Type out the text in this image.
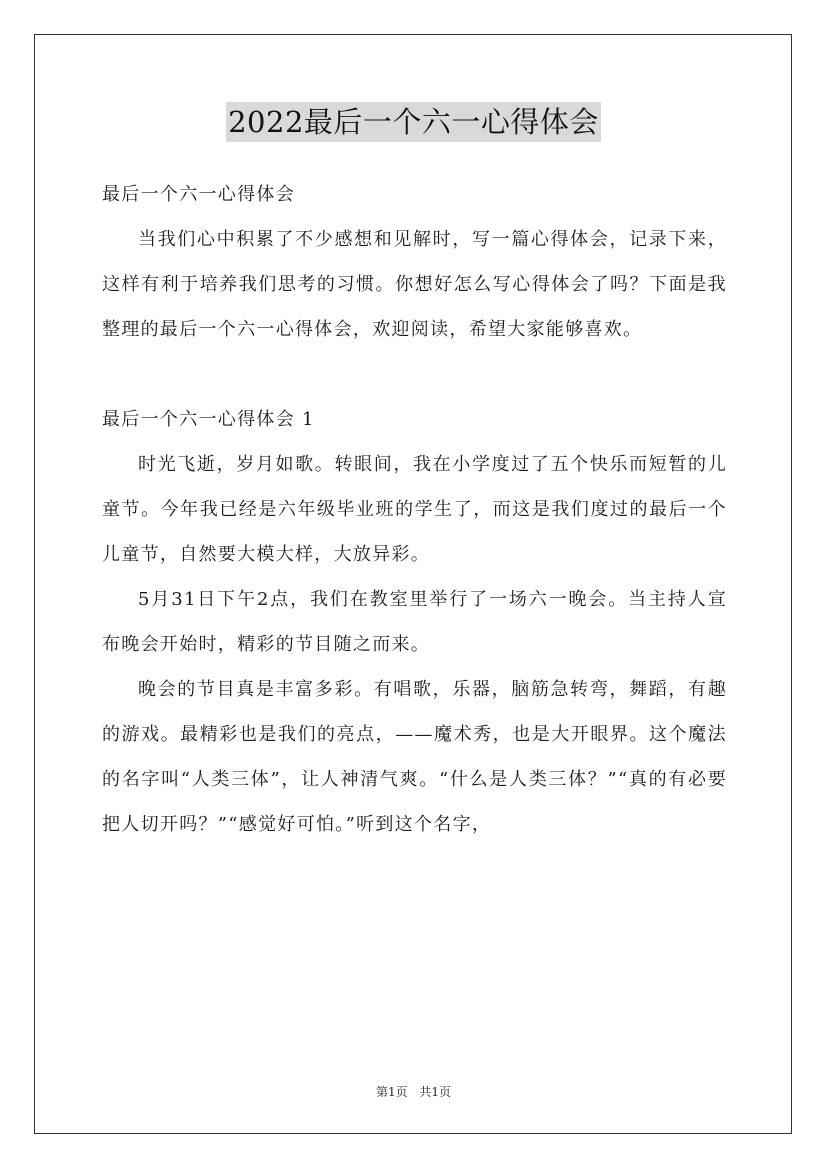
2022最后一个六一心得体会

最后一个六一心得体会

当我们心中积累了不少感想和见解时，写一篇心得体会，记录下来，这样有利于培养我们思考的习惯。你想好怎么写心得体会了吗？下面是我整理的最后一个六一心得体会，欢迎阅读，希望大家能够喜欢。

最后一个六一心得体会 1

时光飞逝，岁月如歌。转眼间，我在小学度过了五个快乐而短暂的儿童节。今年我已经是六年级毕业班的学生了，而这是我们度过的最后一个儿童节，自然要大模大样，大放异彩。

5月31日下午2点，我们在教室里举行了一场六一晚会。当主持人宣布晚会开始时，精彩的节目随之而来。

晚会的节目真是丰富多彩。有唱歌，乐器，脑筋急转弯，舞蹈，有趣的游戏。最精彩也是我们的亮点，——魔术秀，也是大开眼界。这个魔法的名字叫“人类三体”，让人神清气爽。“什么是人类三体？”“真的有必要把人切开吗？”“感觉好可怕。”听到这个名字，

第1页 共1页
